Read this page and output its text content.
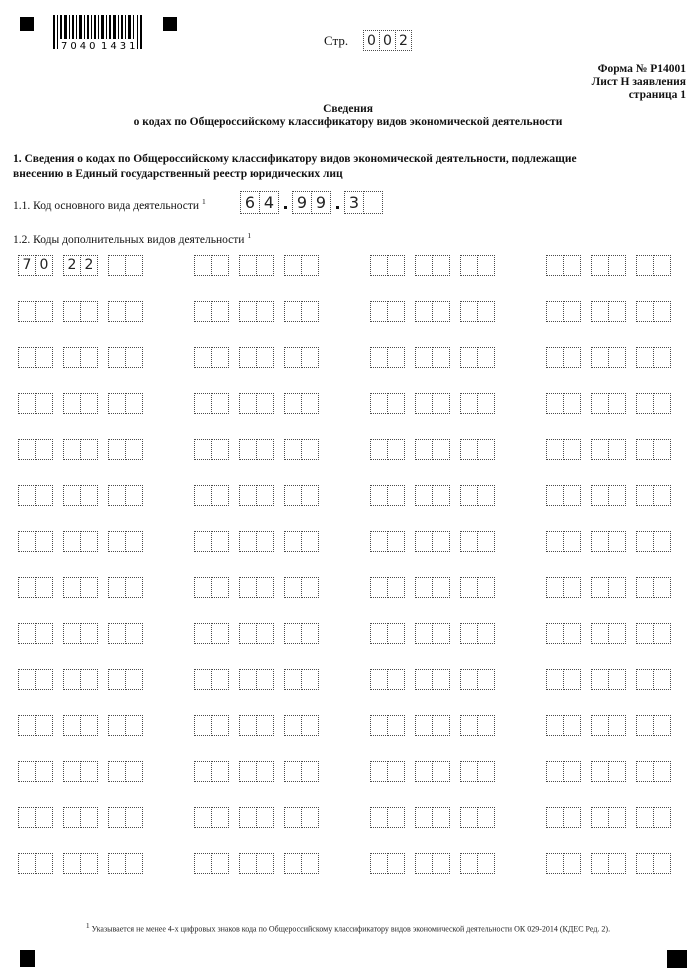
7040 1431	Стр. 0 0 2
Форма № Р14001
Лист Н заявления
страница 1
Сведения
о кодах по Общероссийскому классификатору видов экономической деятельности
1. Сведения о кодах по Общероссийскому классификатору видов экономической деятельности, подлежащие
внесению в Единый государственный реестр юридических лиц
1.1. Код основного вида деятельности $^1$	6 4	9 9	3
1.2. Коды дополнительных видов деятельности $^1$
7 0	2 2
$^1$ Указывается не менее 4-х цифровых знаков кода по Общероссийскому классификатору видов экономической деятельности ОК 029-2014 (КДЕС Ред. 2).
